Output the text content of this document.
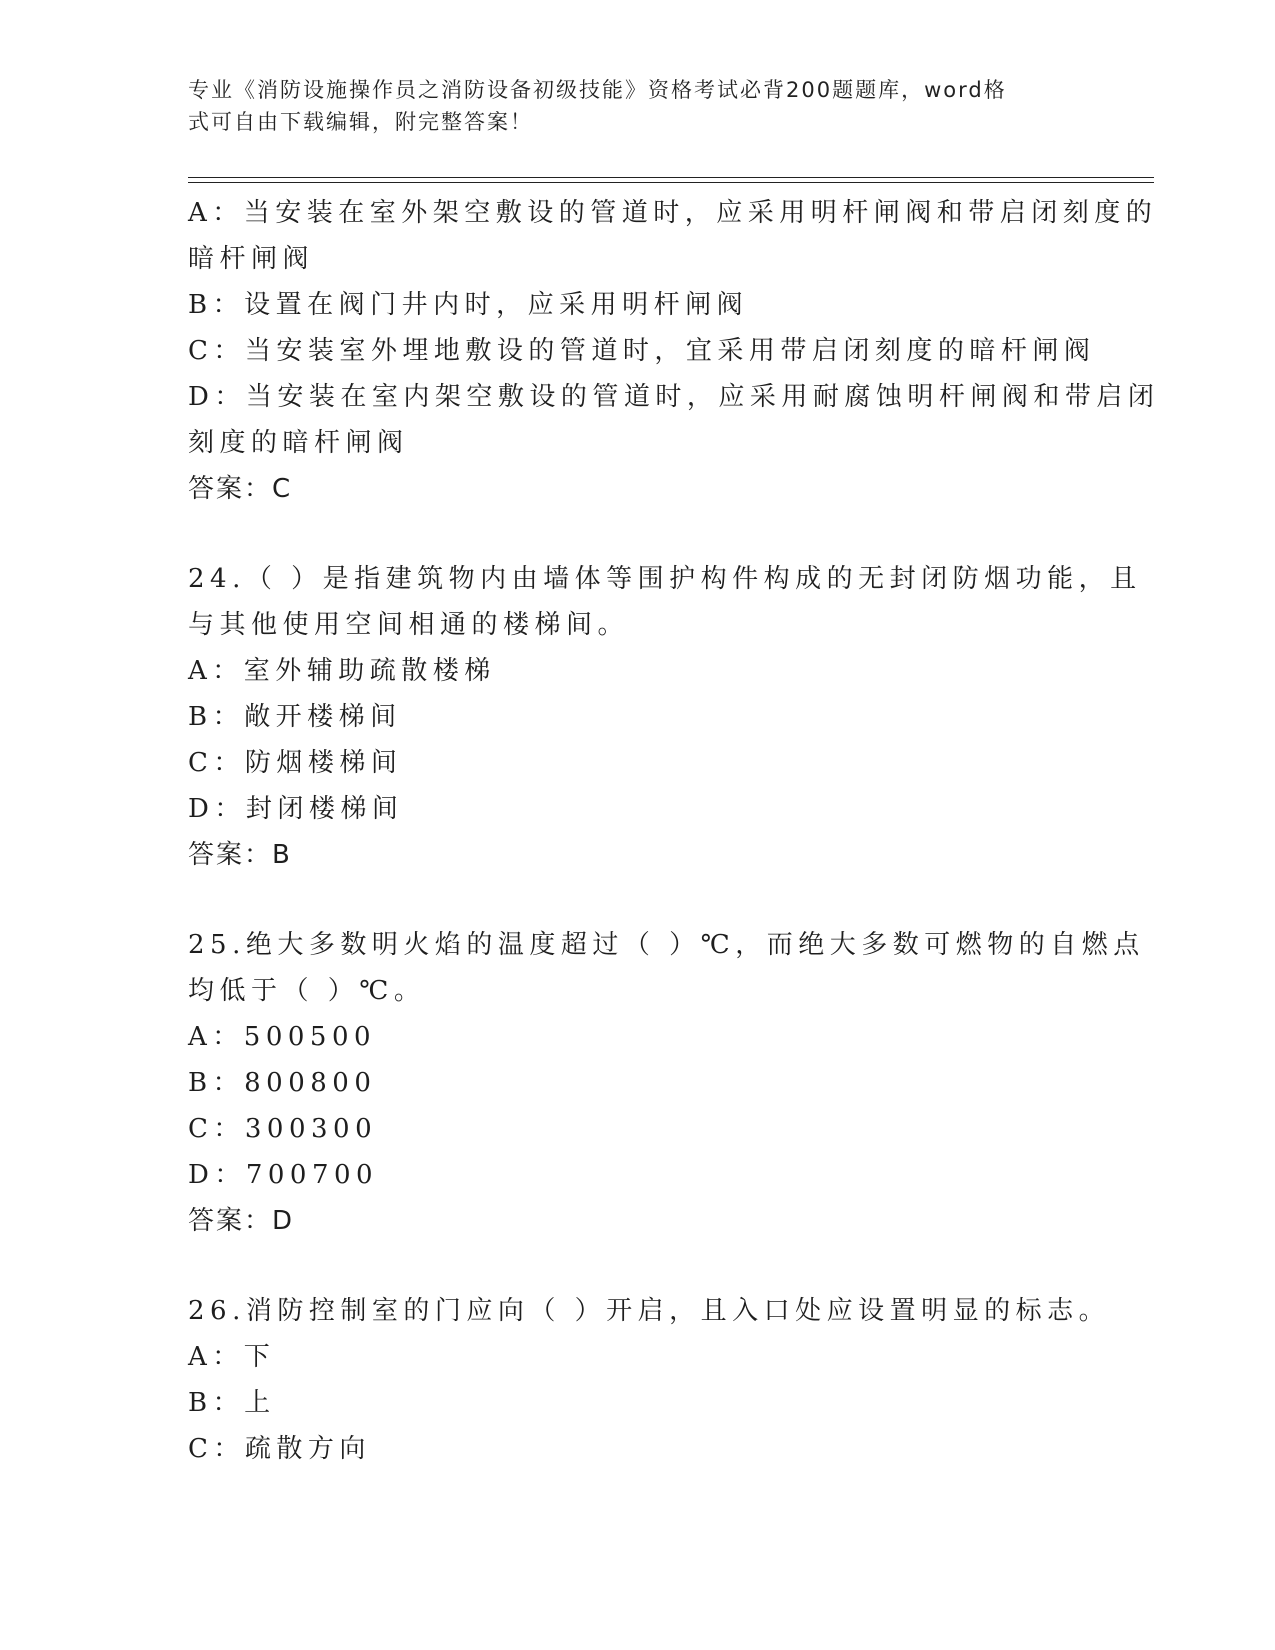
专业《消防设施操作员之消防设备初级技能》资格考试必背200题题库，word格
式可自由下载编辑，附完整答案！
A：当安装在室外架空敷设的管道时，应采用明杆闸阀和带启闭刻度的
暗杆闸阀
B：设置在阀门井内时，应采用明杆闸阀
C：当安装室外埋地敷设的管道时，宜采用带启闭刻度的暗杆闸阀
D：当安装在室内架空敷设的管道时，应采用耐腐蚀明杆闸阀和带启闭
刻度的暗杆闸阀
答案：C
24.（ ）是指建筑物内由墙体等围护构件构成的无封闭防烟功能，且
与其他使用空间相通的楼梯间。
A：室外辅助疏散楼梯
B：敞开楼梯间
C：防烟楼梯间
D：封闭楼梯间
答案：B
25.绝大多数明火焰的温度超过（ ）℃，而绝大多数可燃物的自燃点
均低于（ ）℃。
A：500500
B：800800
C：300300
D：700700
答案：D
26.消防控制室的门应向（ ）开启，且入口处应设置明显的标志。
A：下
B：上
C：疏散方向
